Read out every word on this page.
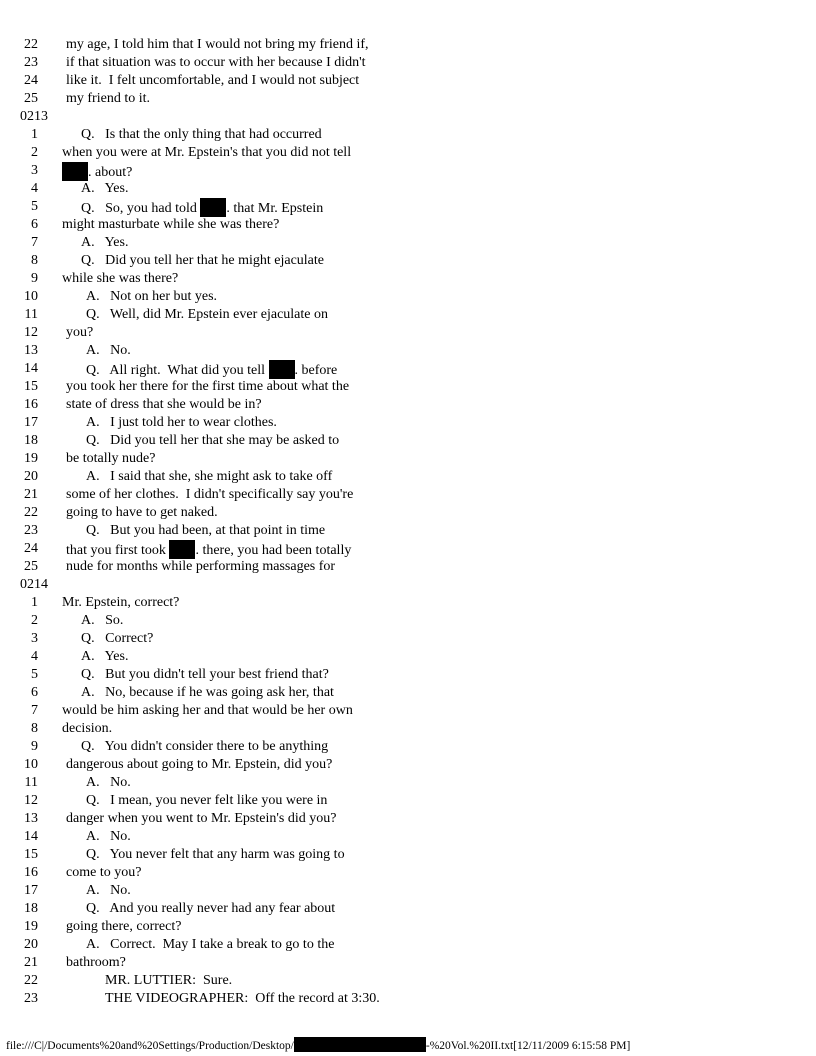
22 my age, I told him that I would not bring my friend if,
23 if that situation was to occur with her because I didn't
24 like it.  I felt uncomfortable, and I would not subject
25 my friend to it.
0213
1	Q.   Is that the only thing that had occurred
2 when you were at Mr. Epstein's that you did not tell
3	. about?
4	A.   Yes.
5	Q.   So, you had told . that Mr. Epstein
6 might masturbate while she was there?
7	A.   Yes.
8	Q.   Did you tell her that he might ejaculate
9 while she was there?
10	A.   Not on her but yes.
11	Q.   Well, did Mr. Epstein ever ejaculate on
12 you?
13	A.   No.
14	Q.   All right.  What did you tell . before
15 you took her there for the first time about what the
16 state of dress that she would be in?
17	A.   I just told her to wear clothes.
18	Q.   Did you tell her that she may be asked to
19 be totally nude?
20	A.   I said that she, she might ask to take off
21 some of her clothes.  I didn't specifically say you're
22 going to have to get naked.
23	Q.   But you had been, at that point in time
24 that you first took . there, you had been totally
25 nude for months while performing massages for
0214
1 Mr. Epstein, correct?
2	A.   So.
3	Q.   Correct?
4	A.   Yes.
5	Q.   But you didn't tell your best friend that?
6	A.   No, because if he was going ask her, that
7 would be him asking her and that would be her own
8 decision.
9	Q.   You didn't consider there to be anything
10 dangerous about going to Mr. Epstein, did you?
11	A.   No.
12	Q.   I mean, you never felt like you were in
13 danger when you went to Mr. Epstein's did you?
14	A.   No.
15	Q.   You never felt that any harm was going to
16 come to you?
17	A.   No.
18	Q.   And you really never had any fear about
19 going there, correct?
20	A.   Correct.  May I take a break to go to the
21 bathroom?
22	MR. LUTTIER:  Sure.
23	THE VIDEOGRAPHER:  Off the record at 3:30.
file:///C|/Documents%20and%20Settings/Production/Desktop/	-%20Vol.%20II.txt[12/11/2009 6:15:58 PM]
